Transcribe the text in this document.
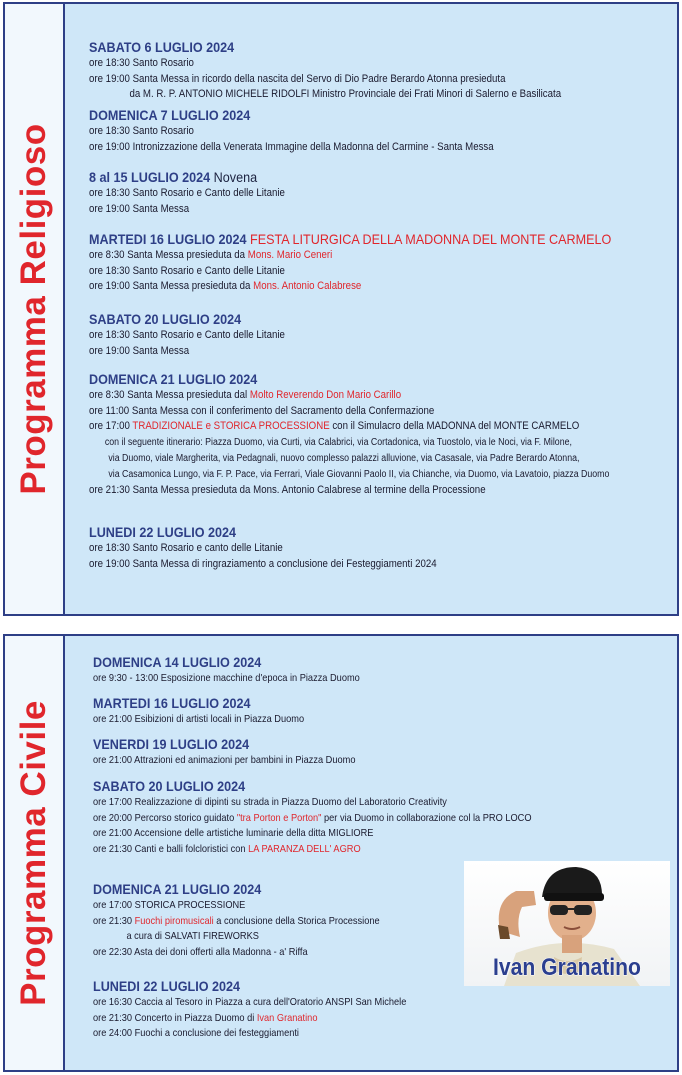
Programma Religioso
SABATO 6 LUGLIO 2024
ore 18:30 Santo Rosario
ore 19:00 Santa Messa in ricordo della nascita del Servo di Dio Padre Berardo Atonna presieduta
da M. R. P. ANTONIO MICHELE RIDOLFI Ministro Provinciale dei Frati Minori di Salerno e Basilicata
DOMENICA 7 LUGLIO 2024
ore 18:30 Santo Rosario
ore 19:00 Intronizzazione della Venerata Immagine della Madonna del Carmine - Santa Messa
8 al 15 LUGLIO 2024 Novena
ore 18:30 Santo Rosario e Canto delle Litanie
ore 19:00 Santa Messa
MARTEDI 16 LUGLIO 2024 FESTA LITURGICA DELLA MADONNA DEL MONTE CARMELO
ore 8:30 Santa Messa presieduta da Mons. Mario Ceneri
ore 18:30 Santo Rosario e Canto delle Litanie
ore 19:00 Santa Messa presieduta da Mons. Antonio Calabrese
SABATO 20 LUGLIO 2024
ore 18:30 Santo Rosario e Canto delle Litanie
ore 19:00 Santa Messa
DOMENICA 21 LUGLIO 2024
ore 8:30 Santa Messa presieduta dal Molto Reverendo Don Mario Carillo
ore 11:00 Santa Messa con il conferimento del Sacramento della Confermazione
ore 17:00 TRADIZIONALE e STORICA PROCESSIONE con il Simulacro della MADONNA del MONTE CARMELO
con il seguente itinerario: Piazza Duomo, via Curti, via Calabrici, via Cortadonica, via Tuostolo, via le Noci, via F. Milone,
via Duomo, viale Margherita, via Pedagnali, nuovo complesso palazzi alluvione, via Casasale, via Padre Berardo Atonna,
via Casamonica Lungo, via F. P. Pace, via Ferrari, Viale Giovanni Paolo II, via Chianche, via Duomo, via Lavatoio, piazza Duomo
ore 21:30 Santa Messa presieduta da Mons. Antonio Calabrese al termine della Processione
LUNEDI 22 LUGLIO 2024
ore 18:30 Santo Rosario e canto delle Litanie
ore 19:00 Santa Messa di ringraziamento a conclusione dei Festeggiamenti 2024
Programma Civile
DOMENICA 14 LUGLIO 2024
ore 9:30 - 13:00 Esposizione macchine d'epoca in Piazza Duomo
MARTEDI 16 LUGLIO 2024
ore 21:00 Esibizioni di artisti locali in Piazza Duomo
VENERDI 19 LUGLIO 2024
ore 21:00 Attrazioni ed animazioni per bambini in Piazza Duomo
SABATO 20 LUGLIO 2024
ore 17:00 Realizzazione di dipinti su strada in Piazza Duomo del Laboratorio Creativity
ore 20:00 Percorso storico guidato "tra Porton e Porton" per via Duomo in collaborazione col la PRO LOCO
ore 21:00 Accensione delle artistiche luminarie della ditta MIGLIORE
ore 21:30 Canti e balli folcloristici con LA PARANZA DELL' AGRO
DOMENICA 21 LUGLIO 2024
ore 17:00 STORICA PROCESSIONE
ore 21:30 Fuochi piromusicali a conclusione della Storica Processione
a cura di SALVATI FIREWORKS
ore 22:30 Asta dei doni offerti alla Madonna - a' Riffa
LUNEDI 22 LUGLIO 2024
ore 16:30 Caccia al Tesoro in Piazza a cura dell'Oratorio ANSPI San Michele
ore 21:30 Concerto in Piazza Duomo di Ivan Granatino
ore 24:00 Fuochi a conclusione dei festeggiamenti
Ivan Granatino
